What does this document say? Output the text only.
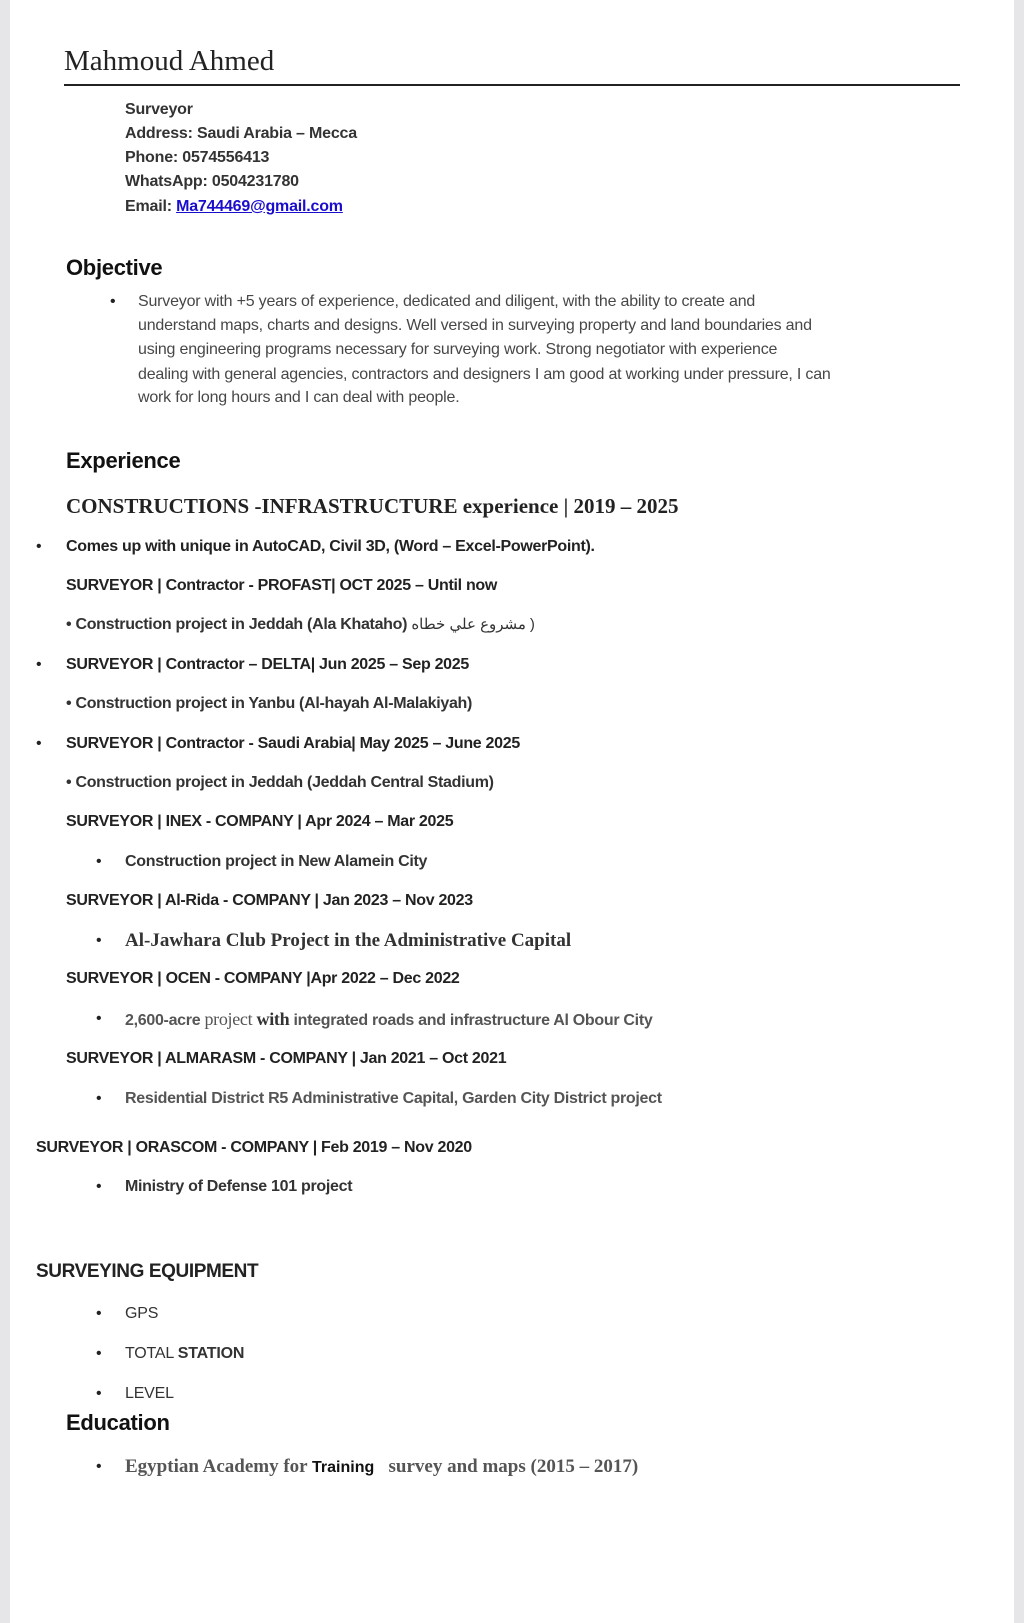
Mahmoud Ahmed
Surveyor
Address: Saudi Arabia – Mecca
Phone: 0574556413
WhatsApp: 0504231780
Email: Ma744469@gmail.com
Objective
• Surveyor with +5 years of experience, dedicated and diligent, with the ability to create and
understand maps, charts and designs. Well versed in surveying property and land boundaries and
using engineering programs necessary for surveying work. Strong negotiator with experience
dealing with general agencies, contractors and designers I am good at working under pressure, I can
work for long hours and I can deal with people.
Experience
CONSTRUCTIONS -INFRASTRUCTURE experience | 2019 – 2025
• Comes up with unique in AutoCAD, Civil 3D, (Word – Excel-PowerPoint).
SURVEYOR | Contractor - PROFAST| OCT 2025 – Until now
• Construction project in Jeddah (Ala Khataho) ( مشروع علي خطاه
• SURVEYOR | Contractor – DELTA| Jun 2025 – Sep 2025
• Construction project in Yanbu (Al-hayah Al-Malakiyah)
• SURVEYOR | Contractor - Saudi Arabia| May 2025 – June 2025
• Construction project in Jeddah (Jeddah Central Stadium)
SURVEYOR | INEX - COMPANY | Apr 2024 – Mar 2025
• Construction project in New Alamein City
SURVEYOR | Al-Rida - COMPANY | Jan 2023 – Nov 2023
• Al-Jawhara Club Project in the Administrative Capital
SURVEYOR | OCEN - COMPANY |Apr 2022 – Dec 2022
• 2,600-acre project with integrated roads and infrastructure Al Obour City
SURVEYOR | ALMARASM - COMPANY | Jan 2021 – Oct 2021
• Residential District R5 Administrative Capital, Garden City District project
SURVEYOR | ORASCOM - COMPANY | Feb 2019 – Nov 2020
• Ministry of Defense 101 project
SURVEYING EQUIPMENT
• GPS
• TOTAL STATION
• LEVEL
Education
• Egyptian Academy for Training   survey and maps (2015 – 2017)
